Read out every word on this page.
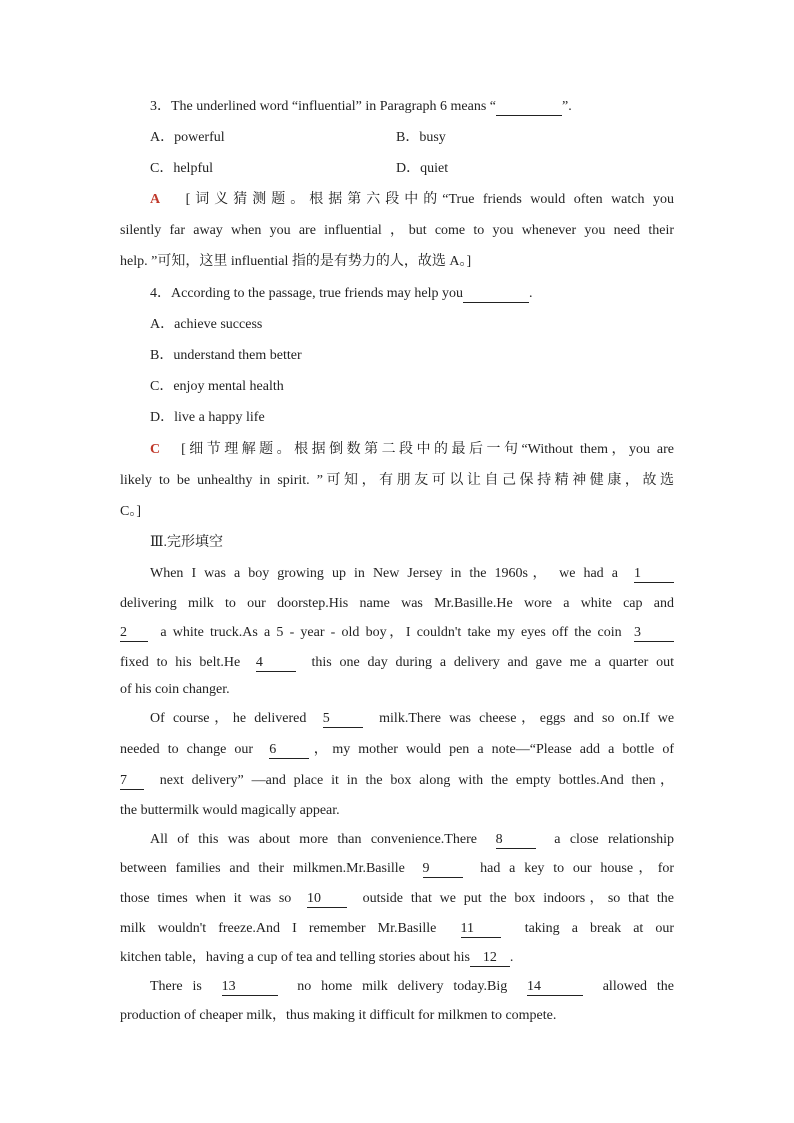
3．The underlined word “influential” in Paragraph 6 means “	”.
A．powerful	B．busy
C．helpful	D．quiet
A [词义猜测题。根据第六段中的“True friends would often watch you
silently far away when you are influential ，but come to you whenever you need their
help. ”可知，这里 influential 指的是有势力的人，故选 A。]
4．According to the passage, true friends may help you	.
A．achieve success
B．understand them better
C．enjoy mental health
D．live a happy life
C [细节理解题。根据倒数第二段中的最后一句“Without them，you are
likely to be unhealthy in spirit. ”可知，有朋友可以让自己保持精神健康，故选
C。]
Ⅲ.完形填空
When I was a boy growing up in New Jersey in the 1960s， we had a 1
delivering milk to our doorstep.His name was Mr.Basille.He wore a white cap and
2 a white truck.As a 5 - year - old boy，I couldn't take my eyes off the coin 3
fixed to his belt.He 4	this one day during a delivery and gave me a quarter out
of his coin changer.
Of course，he delivered 5	milk.There was cheese，eggs and so on.If we
needed to change our 6 ，my mother would pen a note—“Please add a bottle of
7 next delivery” —and place it in the box along with the empty bottles.And then，
the buttermilk would magically appear.
All of this was about more than convenience.There 8	a close relationship
between families and their milkmen.Mr.Basille 9	had a key to our house，for
those times when it was so 10	outside that we put the box indoors，so that the
milk wouldn't freeze.And I remember Mr.Basille 11	taking a break at our
kitchen table，having a cup of tea and telling stories about his 12 .
There is 13	no home milk delivery today.Big 14	allowed the
production of cheaper milk，thus making it difficult for milkmen to compete.
